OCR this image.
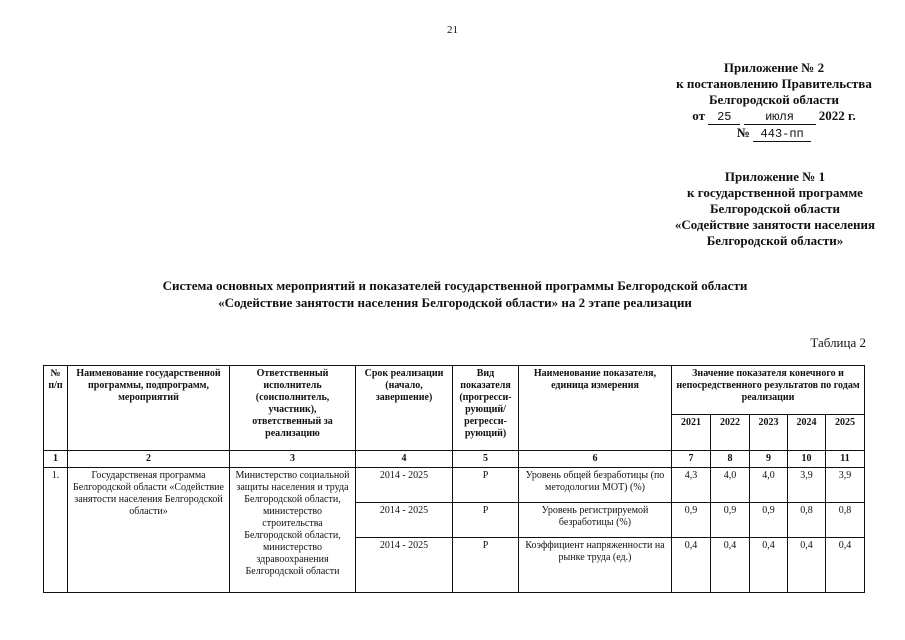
21
Приложение № 2
к постановлению Правительства
Белгородской области
от 25	июля 2022 г.
№ 443-пп
Приложение № 1
к государственной программе
Белгородской области
«Содействие занятости населения
Белгородской области»
Система основных мероприятий и показателей государственной программы Белгородской области
«Содействие занятости населения Белгородской области» на 2 этапе реализации
Таблица 2
№ п/п	Наименование государственной программы, подпрограмм, мероприятий	Ответственный исполнитель (соисполнитель, участник), ответственный за реализацию	Срок реализации (начало, завершение)	Вид показателя (прогресси-рующий/ регресси-рующий)	Наименование показателя, единица измерения	Значение показателя конечного и непосредственного результатов по годам реализации				
						2021	2022	2023	2024	2025
1	2	3	4	5	6	7	8	9	10	11
1.	Государственая программа Белгородской области «Содействие занятости населения Белгородской области»	Министерство социальной защиты населения и труда Белгородской области, министерство строительства Белгородской области, министерство здравоохранения Белгородской области	2014 - 2025	Р	Уровень общей безработицы (по методологии МОТ) (%)	4,3	4,0	4,0	3,9	3,9
			2014 - 2025	Р	Уровень регистрируемой безработицы (%)	0,9	0,9	0,9	0,8	0,8
			2014 - 2025	Р	Коэффициент напряженности на рынке труда (ед.)	0,4	0,4	0,4	0,4	0,4
